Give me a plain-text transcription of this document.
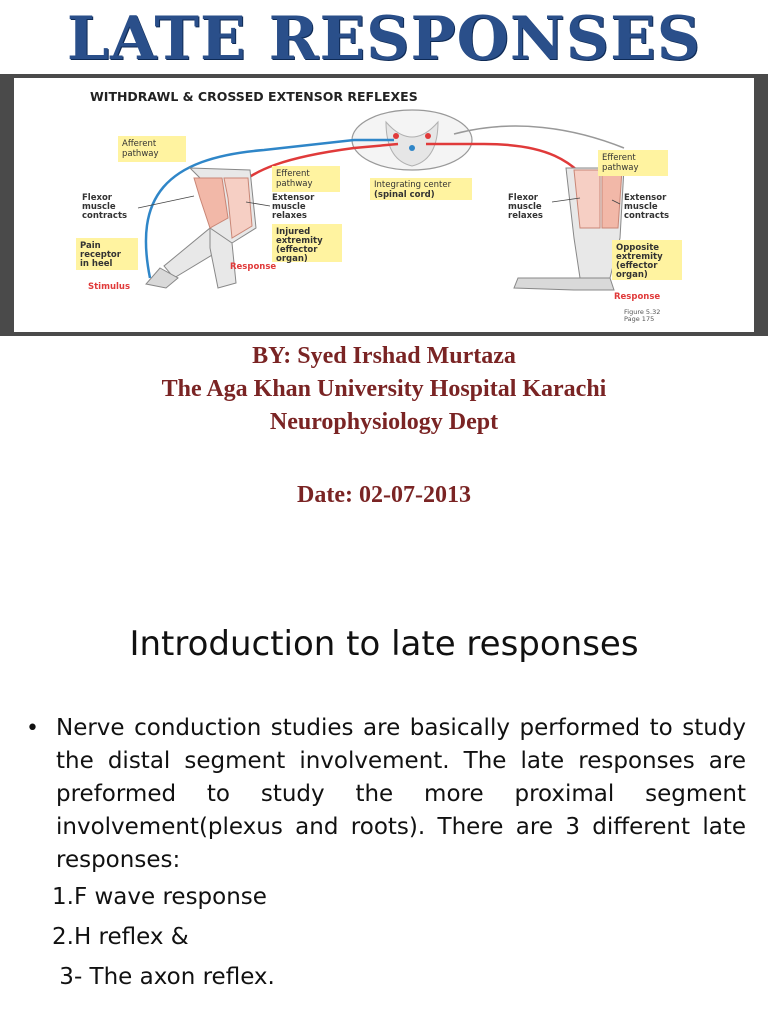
LATE RESPONSES
WITHDRAWL & CROSSED EXTENSOR REFLEXES
Afferent pathway
Efferent pathway	Integrating center (spinal cord)
Efferent pathway
Injured extremity (effector organ)
Opposite extremity (effector organ)
Pain receptor in heel
Flexor muscle contracts
Extensor muscle relaxes
Flexor muscle relaxes
Extensor muscle contracts
Response
Stimulus
Response
Figure 5.32 Page 175
BY: Syed Irshad Murtaza
The Aga Khan University Hospital Karachi
Neurophysiology Dept
Date: 02-07-2013
Introduction to late responses
• Nerve conduction studies are basically performed to study the distal segment involvement. The late responses are preformed to study the more proximal segment involvement(plexus and roots). There are 3 different late responses:
1.F wave response
2.H reflex &
3- The axon reflex.
